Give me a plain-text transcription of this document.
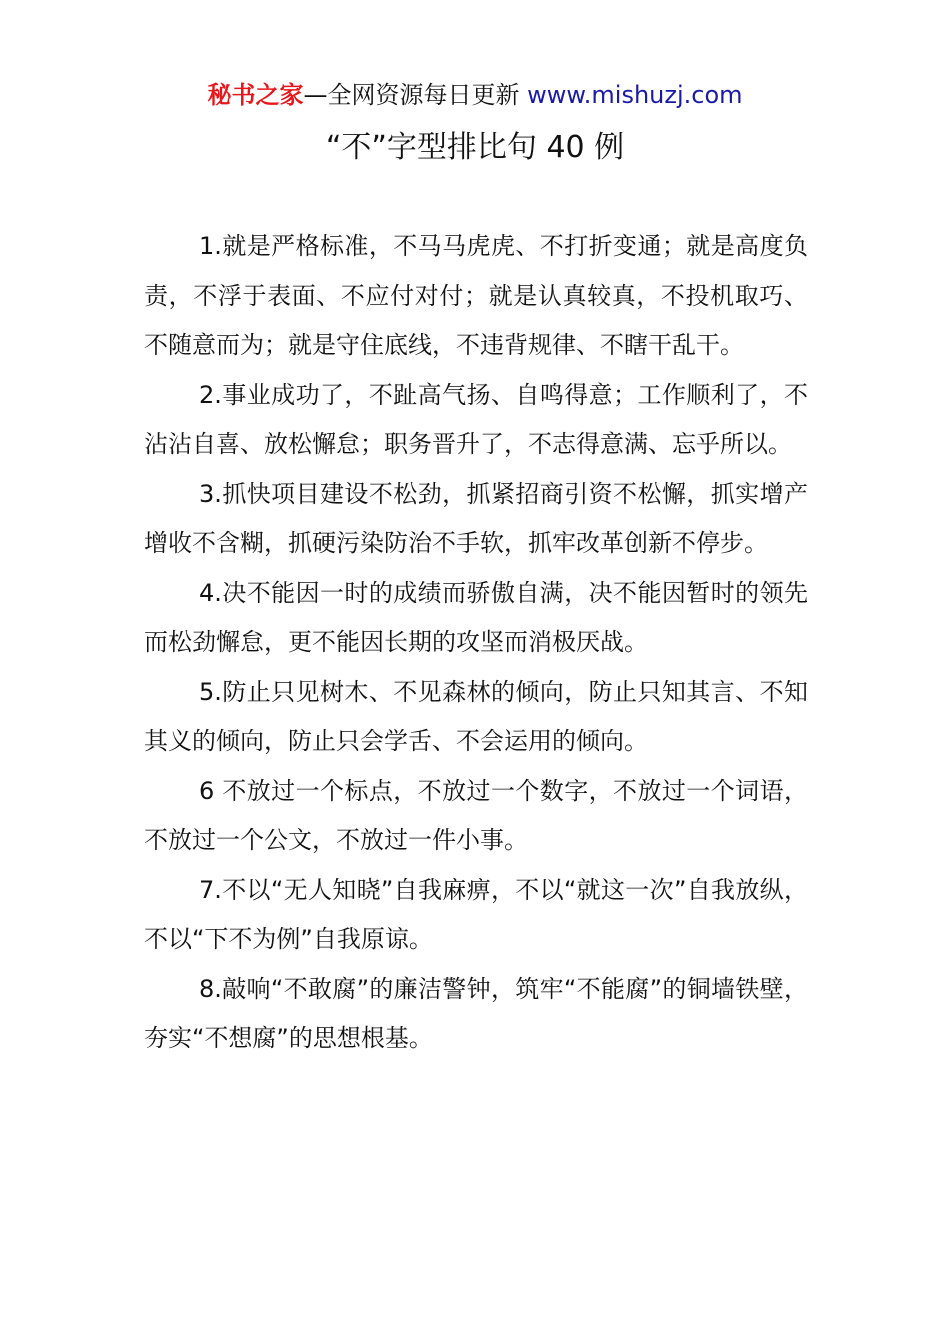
秘书之家—全网资源每日更新 www.mishuzj.com
“不”字型排比句 40 例

1.就是严格标准，不马马虎虎、不打折变通；就是高度负责，不浮于表面、不应付对付；就是认真较真，不投机取巧、不随意而为；就是守住底线，不违背规律、不瞎干乱干。

2.事业成功了，不趾高气扬、自鸣得意；工作顺利了，不沾沾自喜、放松懈怠；职务晋升了，不志得意满、忘乎所以。

3.抓快项目建设不松劲，抓紧招商引资不松懈，抓实增产增收不含糊，抓硬污染防治不手软，抓牢改革创新不停步。

4.决不能因一时的成绩而骄傲自满，决不能因暂时的领先而松劲懈怠，更不能因长期的攻坚而消极厌战。

5.防止只见树木、不见森林的倾向，防止只知其言、不知其义的倾向，防止只会学舌、不会运用的倾向。

6 不放过一个标点，不放过一个数字，不放过一个词语，不放过一个公文，不放过一件小事。

7.不以“无人知晓”自我麻痹，不以“就这一次”自我放纵，不以“下不为例”自我原谅。

8.敲响“不敢腐”的廉洁警钟，筑牢“不能腐”的铜墙铁壁，夯实“不想腐”的思想根基。
